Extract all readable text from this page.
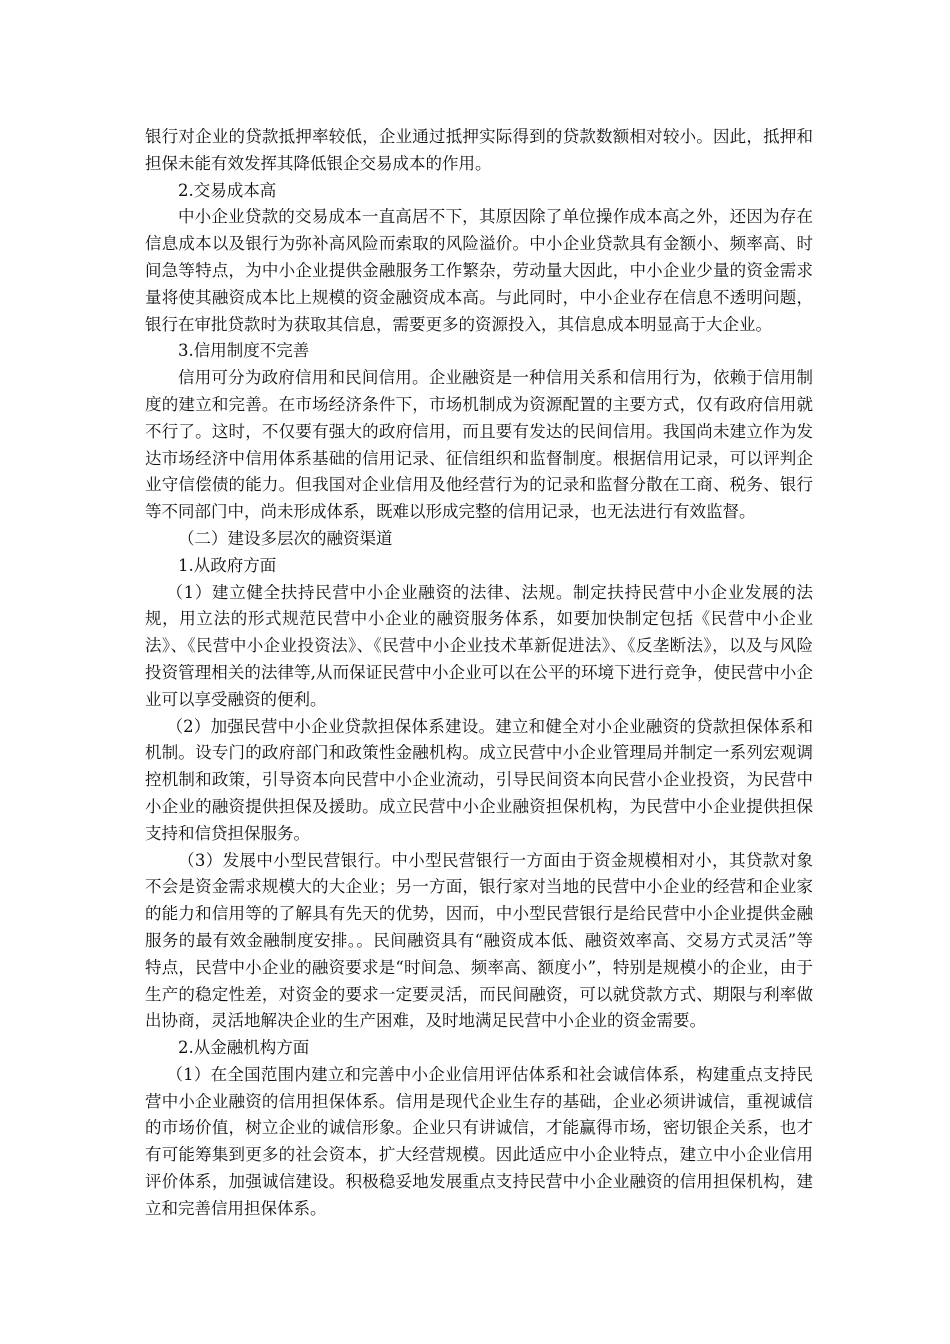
银行对企业的贷款抵押率较低，企业通过抵押实际得到的贷款数额相对较小。因此，抵押和担保未能有效发挥其降低银企交易成本的作用。

2.交易成本高

中小企业贷款的交易成本一直高居不下，其原因除了单位操作成本高之外，还因为存在信息成本以及银行为弥补高风险而索取的风险溢价。中小企业贷款具有金额小、频率高、时间急等特点，为中小企业提供金融服务工作繁杂，劳动量大因此，中小企业少量的资金需求量将使其融资成本比上规模的资金融资成本高。与此同时，中小企业存在信息不透明问题，银行在审批贷款时为获取其信息，需要更多的资源投入，其信息成本明显高于大企业。

3.信用制度不完善

信用可分为政府信用和民间信用。企业融资是一种信用关系和信用行为，依赖于信用制度的建立和完善。在市场经济条件下，市场机制成为资源配置的主要方式，仅有政府信用就不行了。这时，不仅要有强大的政府信用，而且要有发达的民间信用。我国尚未建立作为发达市场经济中信用体系基础的信用记录、征信组织和监督制度。根据信用记录，可以评判企业守信偿债的能力。但我国对企业信用及他经营行为的记录和监督分散在工商、税务、银行等不同部门中，尚未形成体系，既难以形成完整的信用记录，也无法进行有效监督。

（二）建设多层次的融资渠道

1.从政府方面

（1）建立健全扶持民营中小企业融资的法律、法规。制定扶持民营中小企业发展的法规，用立法的形式规范民营中小企业的融资服务体系，如要加快制定包括《民营中小企业法》、《民营中小企业投资法》、《民营中小企业技术革新促进法》、《反垄断法》，以及与风险投资管理相关的法律等,从而保证民营中小企业可以在公平的环境下进行竞争，使民营中小企业可以享受融资的便利。

（2）加强民营中小企业贷款担保体系建设。建立和健全对小企业融资的贷款担保体系和机制。设专门的政府部门和政策性金融机构。成立民营中小企业管理局并制定一系列宏观调控机制和政策，引导资本向民营中小企业流动，引导民间资本向民营小企业投资，为民营中小企业的融资提供担保及援助。成立民营中小企业融资担保机构，为民营中小企业提供担保支持和信贷担保服务。

（3）发展中小型民营银行。中小型民营银行一方面由于资金规模相对小，其贷款对象不会是资金需求规模大的大企业；另一方面，银行家对当地的民营中小企业的经营和企业家的能力和信用等的了解具有先天的优势，因而，中小型民营银行是给民营中小企业提供金融服务的最有效金融制度安排。。民间融资具有“融资成本低、融资效率高、交易方式灵活”等特点，民营中小企业的融资要求是“时间急、频率高、额度小”，特别是规模小的企业，由于生产的稳定性差，对资金的要求一定要灵活，而民间融资，可以就贷款方式、期限与利率做出协商，灵活地解决企业的生产困难，及时地满足民营中小企业的资金需要。

2.从金融机构方面

（1）在全国范围内建立和完善中小企业信用评估体系和社会诚信体系，构建重点支持民营中小企业融资的信用担保体系。信用是现代企业生存的基础，企业必须讲诚信，重视诚信的市场价值，树立企业的诚信形象。企业只有讲诚信，才能赢得市场，密切银企关系，也才有可能筹集到更多的社会资本，扩大经营规模。因此适应中小企业特点，建立中小企业信用评价体系，加强诚信建设。积极稳妥地发展重点支持民营中小企业融资的信用担保机构，建立和完善信用担保体系。
